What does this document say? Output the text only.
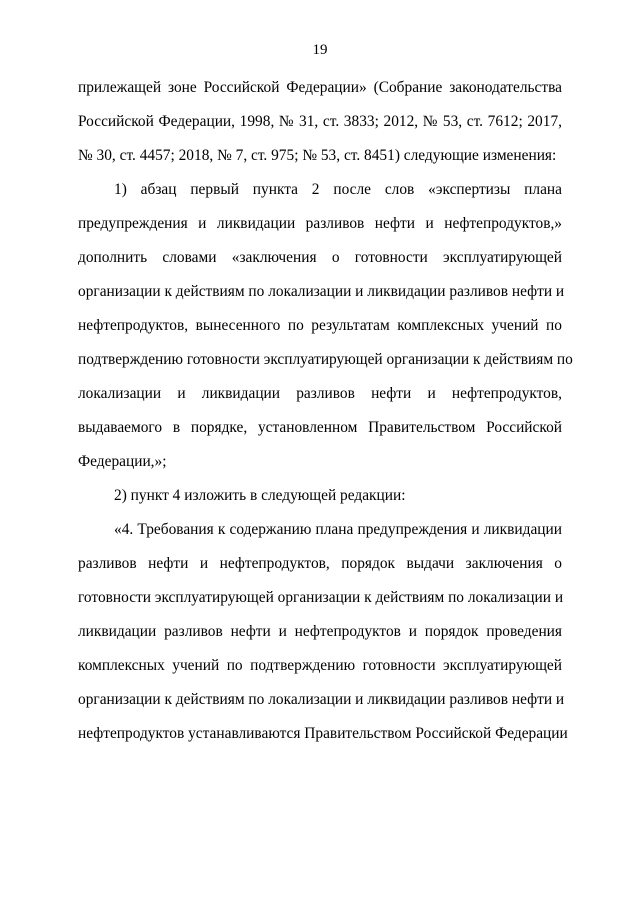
19
прилежащей зоне Российской Федерации» (Собрание законодательства
Российской Федерации, 1998, № 31, ст. 3833; 2012, № 53, ст. 7612; 2017,
№ 30, ст. 4457; 2018, № 7, ст. 975; № 53, ст. 8451) следующие изменения:
1) абзац первый пункта 2 после слов «экспертизы плана
предупреждения и ликвидации разливов нефти и нефтепродуктов,»
дополнить словами «заключения о готовности эксплуатирующей
организации к действиям по локализации и ликвидации разливов нефти и
нефтепродуктов, вынесенного по результатам комплексных учений по
подтверждению готовности эксплуатирующей организации к действиям по
локализации и ликвидации разливов нефти и нефтепродуктов,
выдаваемого в порядке, установленном Правительством Российской
Федерации,»;
2) пункт 4 изложить в следующей редакции:
«4. Требования к содержанию плана предупреждения и ликвидации
разливов нефти и нефтепродуктов, порядок выдачи заключения о
готовности эксплуатирующей организации к действиям по локализации и
ликвидации разливов нефти и нефтепродуктов и порядок проведения
комплексных учений по подтверждению готовности эксплуатирующей
организации к действиям по локализации и ликвидации разливов нефти и
нефтепродуктов устанавливаются Правительством Российской Федерации
